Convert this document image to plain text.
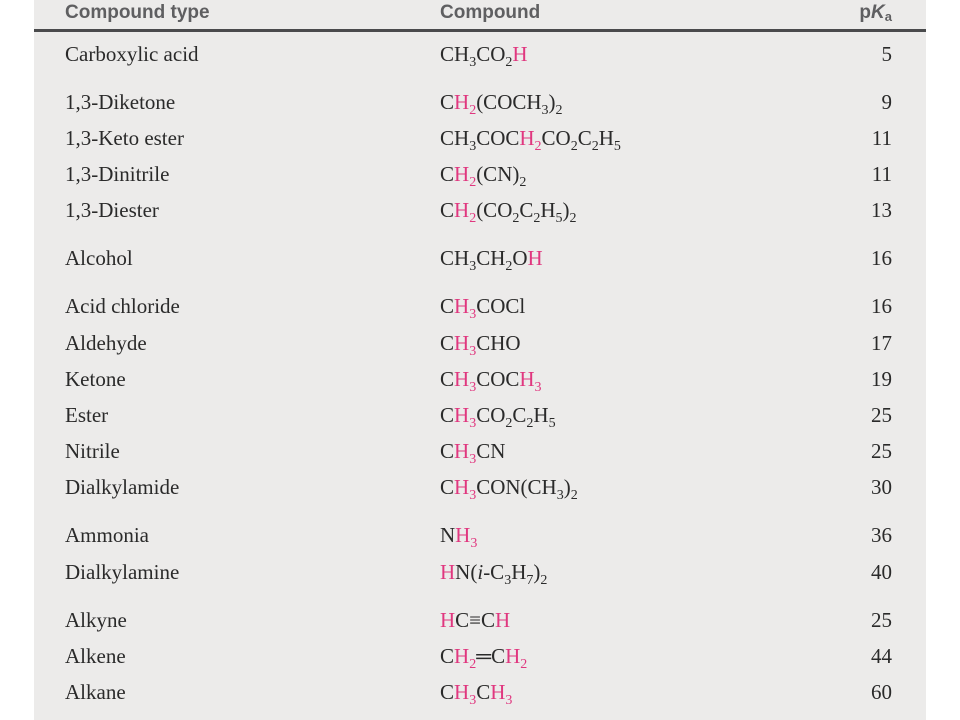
Compound type	Compound	$pK_a$
Carboxylic acid	$CH_3CO_2H$	5
1,3-Diketone	$CH_2(COCH_3)_2$	9
1,3-Keto ester	$CH_3COCH_2CO_2C_2H_5$	11
1,3-Dinitrile	$CH_2(CN)_2$	11
1,3-Diester	$CH_2(CO_2C_2H_5)_2$	13
Alcohol	$CH_3CH_2OH$	16
Acid chloride	$CH_3COCl$	16
Aldehyde	$CH_3CHO$	17
Ketone	$CH_3COCH_3$	19
Ester	$CH_3CO_2C_2H_5$	25
Nitrile	$CH_3CN$	25
Dialkylamide	$CH_3CON(CH_3)_2$	30
Ammonia	$NH_3$	36
Dialkylamine	$HN(i-C_3H_7)_2$	40
Alkyne	HC≡CH	25
Alkene	$CH_2═CH_2$	44
Alkane	$CH_3CH_3$	60
